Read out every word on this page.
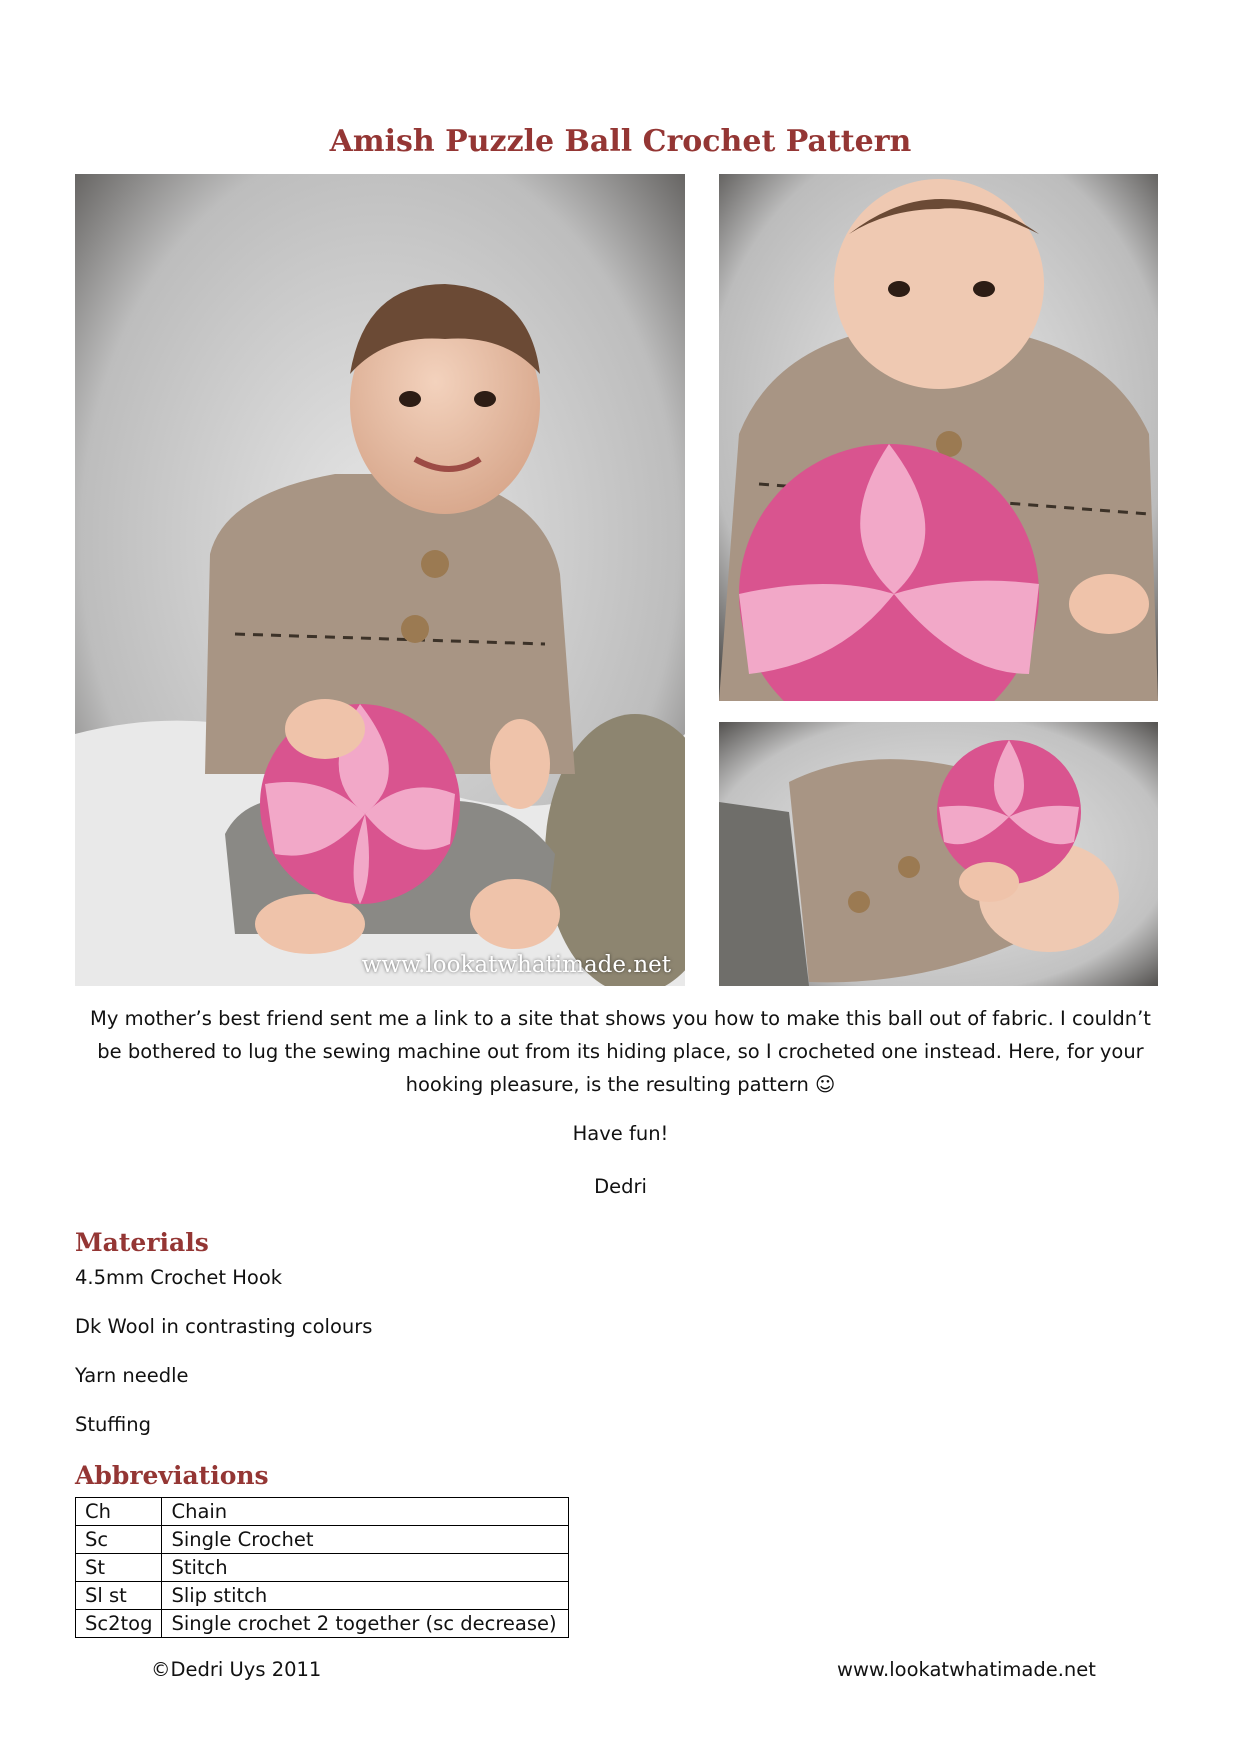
Amish Puzzle Ball Crochet Pattern
www.lookatwhatimade.net

My mother’s best friend sent me a link to a site that shows you how to make this ball out of fabric. I couldn’t be bothered to lug the sewing machine out from its hiding place, so I crocheted one instead. Here, for your hooking pleasure, is the resulting pattern ☺

Have fun!

Dedri

Materials

4.5mm Crochet Hook

Dk Wool in contrasting colours

Yarn needle

Stuffing

Abbreviations
Ch	Chain
Sc	Single Crochet
St	Stitch
Sl st	Slip stitch
Sc2tog	Single crochet 2 together (sc decrease)

©Dedri Uys 2011	www.lookatwhatimade.net
